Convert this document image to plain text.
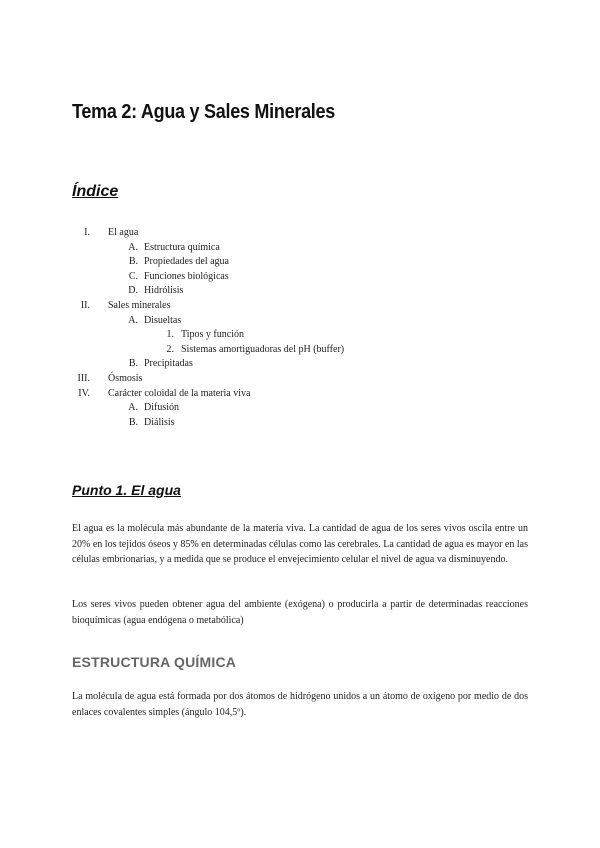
Tema 2: Agua y Sales Minerales
Índice
I. El agua
A. Estructura química
B. Propiedades del agua
C. Funciones biológicas
D. Hidrólisis
II. Sales minerales
A. Disueltas
1. Tipos y función
2. Sistemas amortiguadoras del pH (buffer)
B. Precipitadas
III. Ósmosis
IV. Carácter coloidal de la materia viva
A. Difusión
B. Diálisis
Punto 1. El agua

El agua es la molécula más abundante de la materia viva. La cantidad de agua de los seres vivos oscila entre un 20% en los tejidos óseos y 85% en determinadas células como las cerebrales. La cantidad de agua es mayor en las células embrionarias, y a medida que se produce el envejecimiento celular el nivel de agua va disminuyendo.

Los seres vivos pueden obtener agua del ambiente (exógena) o producirla a partir de determinadas reacciones bioquímicas (agua endógena o metabólica)

ESTRUCTURA QUÍMICA

La molécula de agua está formada por dos átomos de hidrógeno unidos a un átomo de oxígeno por medio de dos enlaces covalentes simples (ángulo 104,5º).
